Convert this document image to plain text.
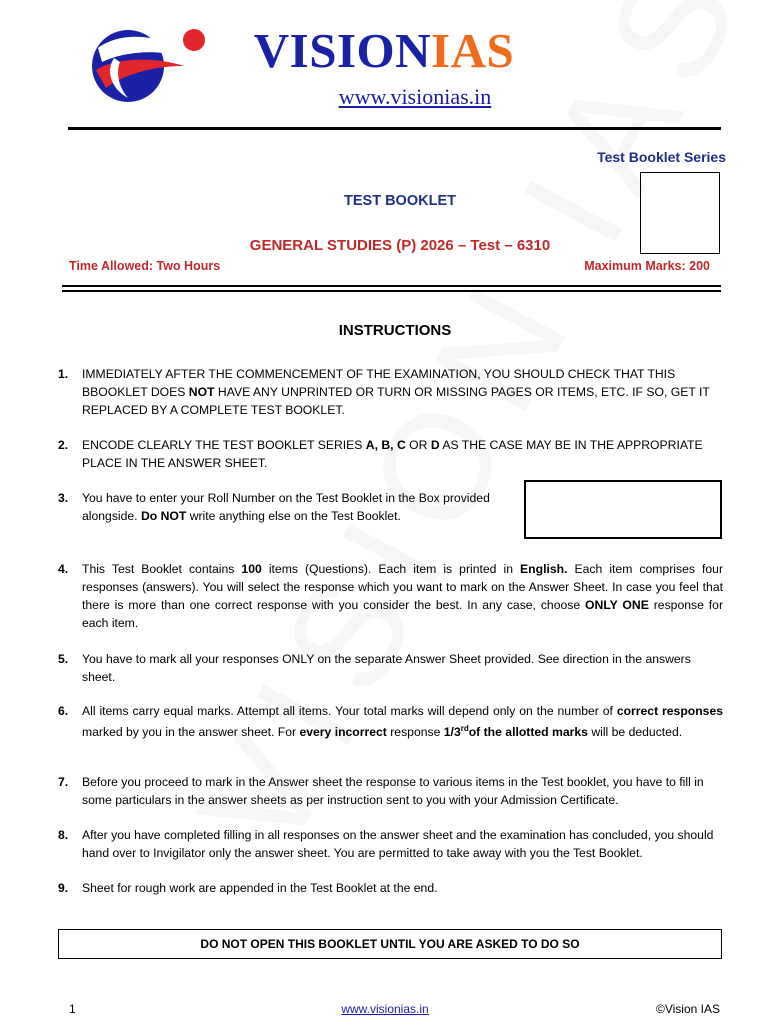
VISIONIAS
www.visionias.in
Test Booklet Series
TEST BOOKLET
GENERAL STUDIES (P) 2026 – Test – 6310
Time Allowed: Two Hours	Maximum Marks: 200
INSTRUCTIONS
1.	IMMEDIATELY AFTER THE COMMENCEMENT OF THE EXAMINATION, YOU SHOULD CHECK THAT THIS BBOOKLET DOES NOT HAVE ANY UNPRINTED OR TURN OR MISSING PAGES OR ITEMS, ETC. IF SO, GET IT REPLACED BY A COMPLETE TEST BOOKLET.
2.	ENCODE CLEARLY THE TEST BOOKLET SERIES A, B, C OR D AS THE CASE MAY BE IN THE APPROPRIATE PLACE IN THE ANSWER SHEET.
3.	You have to enter your Roll Number on the Test Booklet in the Box provided alongside. Do NOT write anything else on the Test Booklet.
4.	This Test Booklet contains 100 items (Questions). Each item is printed in English. Each item comprises four responses (answers). You will select the response which you want to mark on the Answer Sheet. In case you feel that there is more than one correct response with you consider the best. In any case, choose ONLY ONE response for each item.
5.	You have to mark all your responses ONLY on the separate Answer Sheet provided. See direction in the answers sheet.
6.	All items carry equal marks. Attempt all items. Your total marks will depend only on the number of correct responses marked by you in the answer sheet. For every incorrect response 1/3rdof the allotted marks will be deducted.
7.	Before you proceed to mark in the Answer sheet the response to various items in the Test booklet, you have to fill in some particulars in the answer sheets as per instruction sent to you with your Admission Certificate.
8.	After you have completed filling in all responses on the answer sheet and the examination has concluded, you should hand over to Invigilator only the answer sheet. You are permitted to take away with you the Test Booklet.
9.	Sheet for rough work are appended in the Test Booklet at the end.
DO NOT OPEN THIS BOOKLET UNTIL YOU ARE ASKED TO DO SO
1	www.visionias.in	©Vision IAS
